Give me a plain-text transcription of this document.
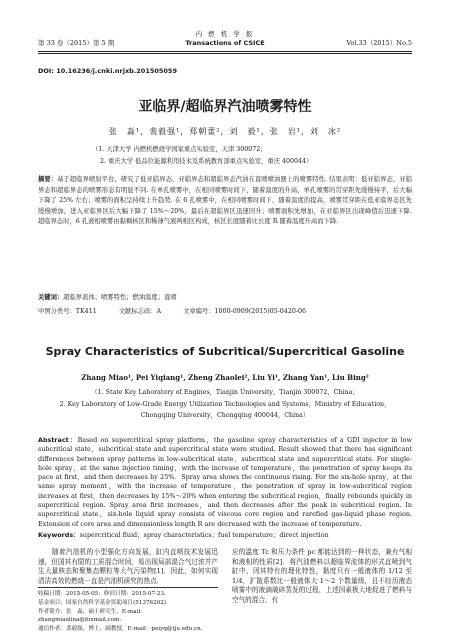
第 33 卷（2015）第 5 期
内 燃 机 学 报
Transactions of CSICE	Vol.33（2015）No.5
DOI: 10.16236/j.cnki.nrjxb.201505059
亚临界/超临界汽油喷雾特性
张　淼¹，裴毅强¹，郑朝蕾²，刘　毅¹，张　岩¹，刘　冰²
（1. 天津大学 内燃机燃烧学国家重点实验室，天津 300072；
2. 重庆大学 低品位能源利用技术及系统教育部重点实验室，重庆 400044）
摘要：基于超临界喷射平台，研究了低亚临界态、亚临界态和超临界态汽油在直喷喷油器上的喷雾特性. 结果表明：低亚临界态、亚临界态和超临界态的喷雾形态有明显不同. 在单孔喷雾中，在相同喷雾时间下，随着温度的升高，单孔喷雾的贯穿距先缓慢持平，后大幅下降了 25% 左右；喷雾的面积呈持续上升趋势. 在 6 孔喷雾中，在相同喷雾时间下，随着温度的提高，喷雾贯穿距在低亚临界态区先缓慢增加，进入亚临界区后大幅下降了 15%～20%，最后在超临界区迅速回升；喷雾面积先增加，在亚临界区出现峰值后迅速下降. 超临界态时，6 孔液相喷雾由黏稠核区和稀薄气液两相区构成，核区长度随着比长度 R 随着温度升高而下降.
关键词：超临界流体；喷雾特性；燃油温度；直喷
中图分类号：TK411	文献标志码：A	文章编号：1000-0909(2015)05-0420-06
Spray Characteristics of Subcritical/Supercritical Gasoline
Zhang Miao¹, Pei Yiqiang¹, Zheng Zhaolei², Liu Yi¹, Zhang Yan¹, Liu Bing²
（1. State Key Laboratory of Engines，Tianjin University，Tianjin 300072，China；
2. Key Laboratory of Low-Grade Energy Utilization Technologies and Systems，Ministry of Education，
Chongqing University，Chongqing 400044，China）
Abstract：Based on supercritical spray platform，the gasoline spray characteristics of a GDI injector in low subcritical state，subcritical state and supercritical state were studied. Result showed that there has significant differences between spray patterns in low-subcritical state，subcritical state and supercritical state. For single-hole spray，at the same injection timing，with the increase of temperature，the penetration of spray keeps its pace at first，and then decreases by 25%．Spray area shows the continuous rising. For the six-hole spray，at the same spray moment，with the increase of temperature，the penetration of spray in low-subcritical region increases at first，then decreases by 15%～20% when entering the subcritical region，finally rebounds quickly in supercritical region. Spray area first increases，and then decreases after the peak in subcritical region. In supercritical state，six-hole liquid spray consists of viscous core region and rarefied gas-liquid phase region. Extension of core area and dimensionless length R are decreased with the increase of temperature.
Keywords：supercritical fluid；spray characteristics；fuel temperature；direct injection
随着汽油机的小型强化方向发展，缸内直喷技术发展迅速，但国其有限的工质混合时间，易出现局部混合气过浓并产生大量核态和聚集态颗粒等大气污染物[1]．因此，如何实现清洁高效的燃烧一直是汽油机研究的热点.
收稿日期：2015-05-05；修回日期：2015-07-23.
基金项目：国家自然科学基金资助项目(51376202).
作者简介：张　淼，硕士研究生，E-mail：zhangmiaolina@foxmail.com.
通信作者：裴毅强，博士，副教授，E-mail：peiyq@tju.edu.cn.
应的温度 Tc 和压力条件 pc 都能达到的一种状态，兼有气相和液相的性质[2]．将汽油燃料以超临界流体的形式直喷到气缸中，因其特有的理化特性，黏度只有一般液体的 1/12 至 1/4，扩散系数比一般液体大 1～2 个数量级，且不经历液态喷雾中的液滴破碎蒸发的过程，上述因素极大地促进了燃料与空气的混合，有
